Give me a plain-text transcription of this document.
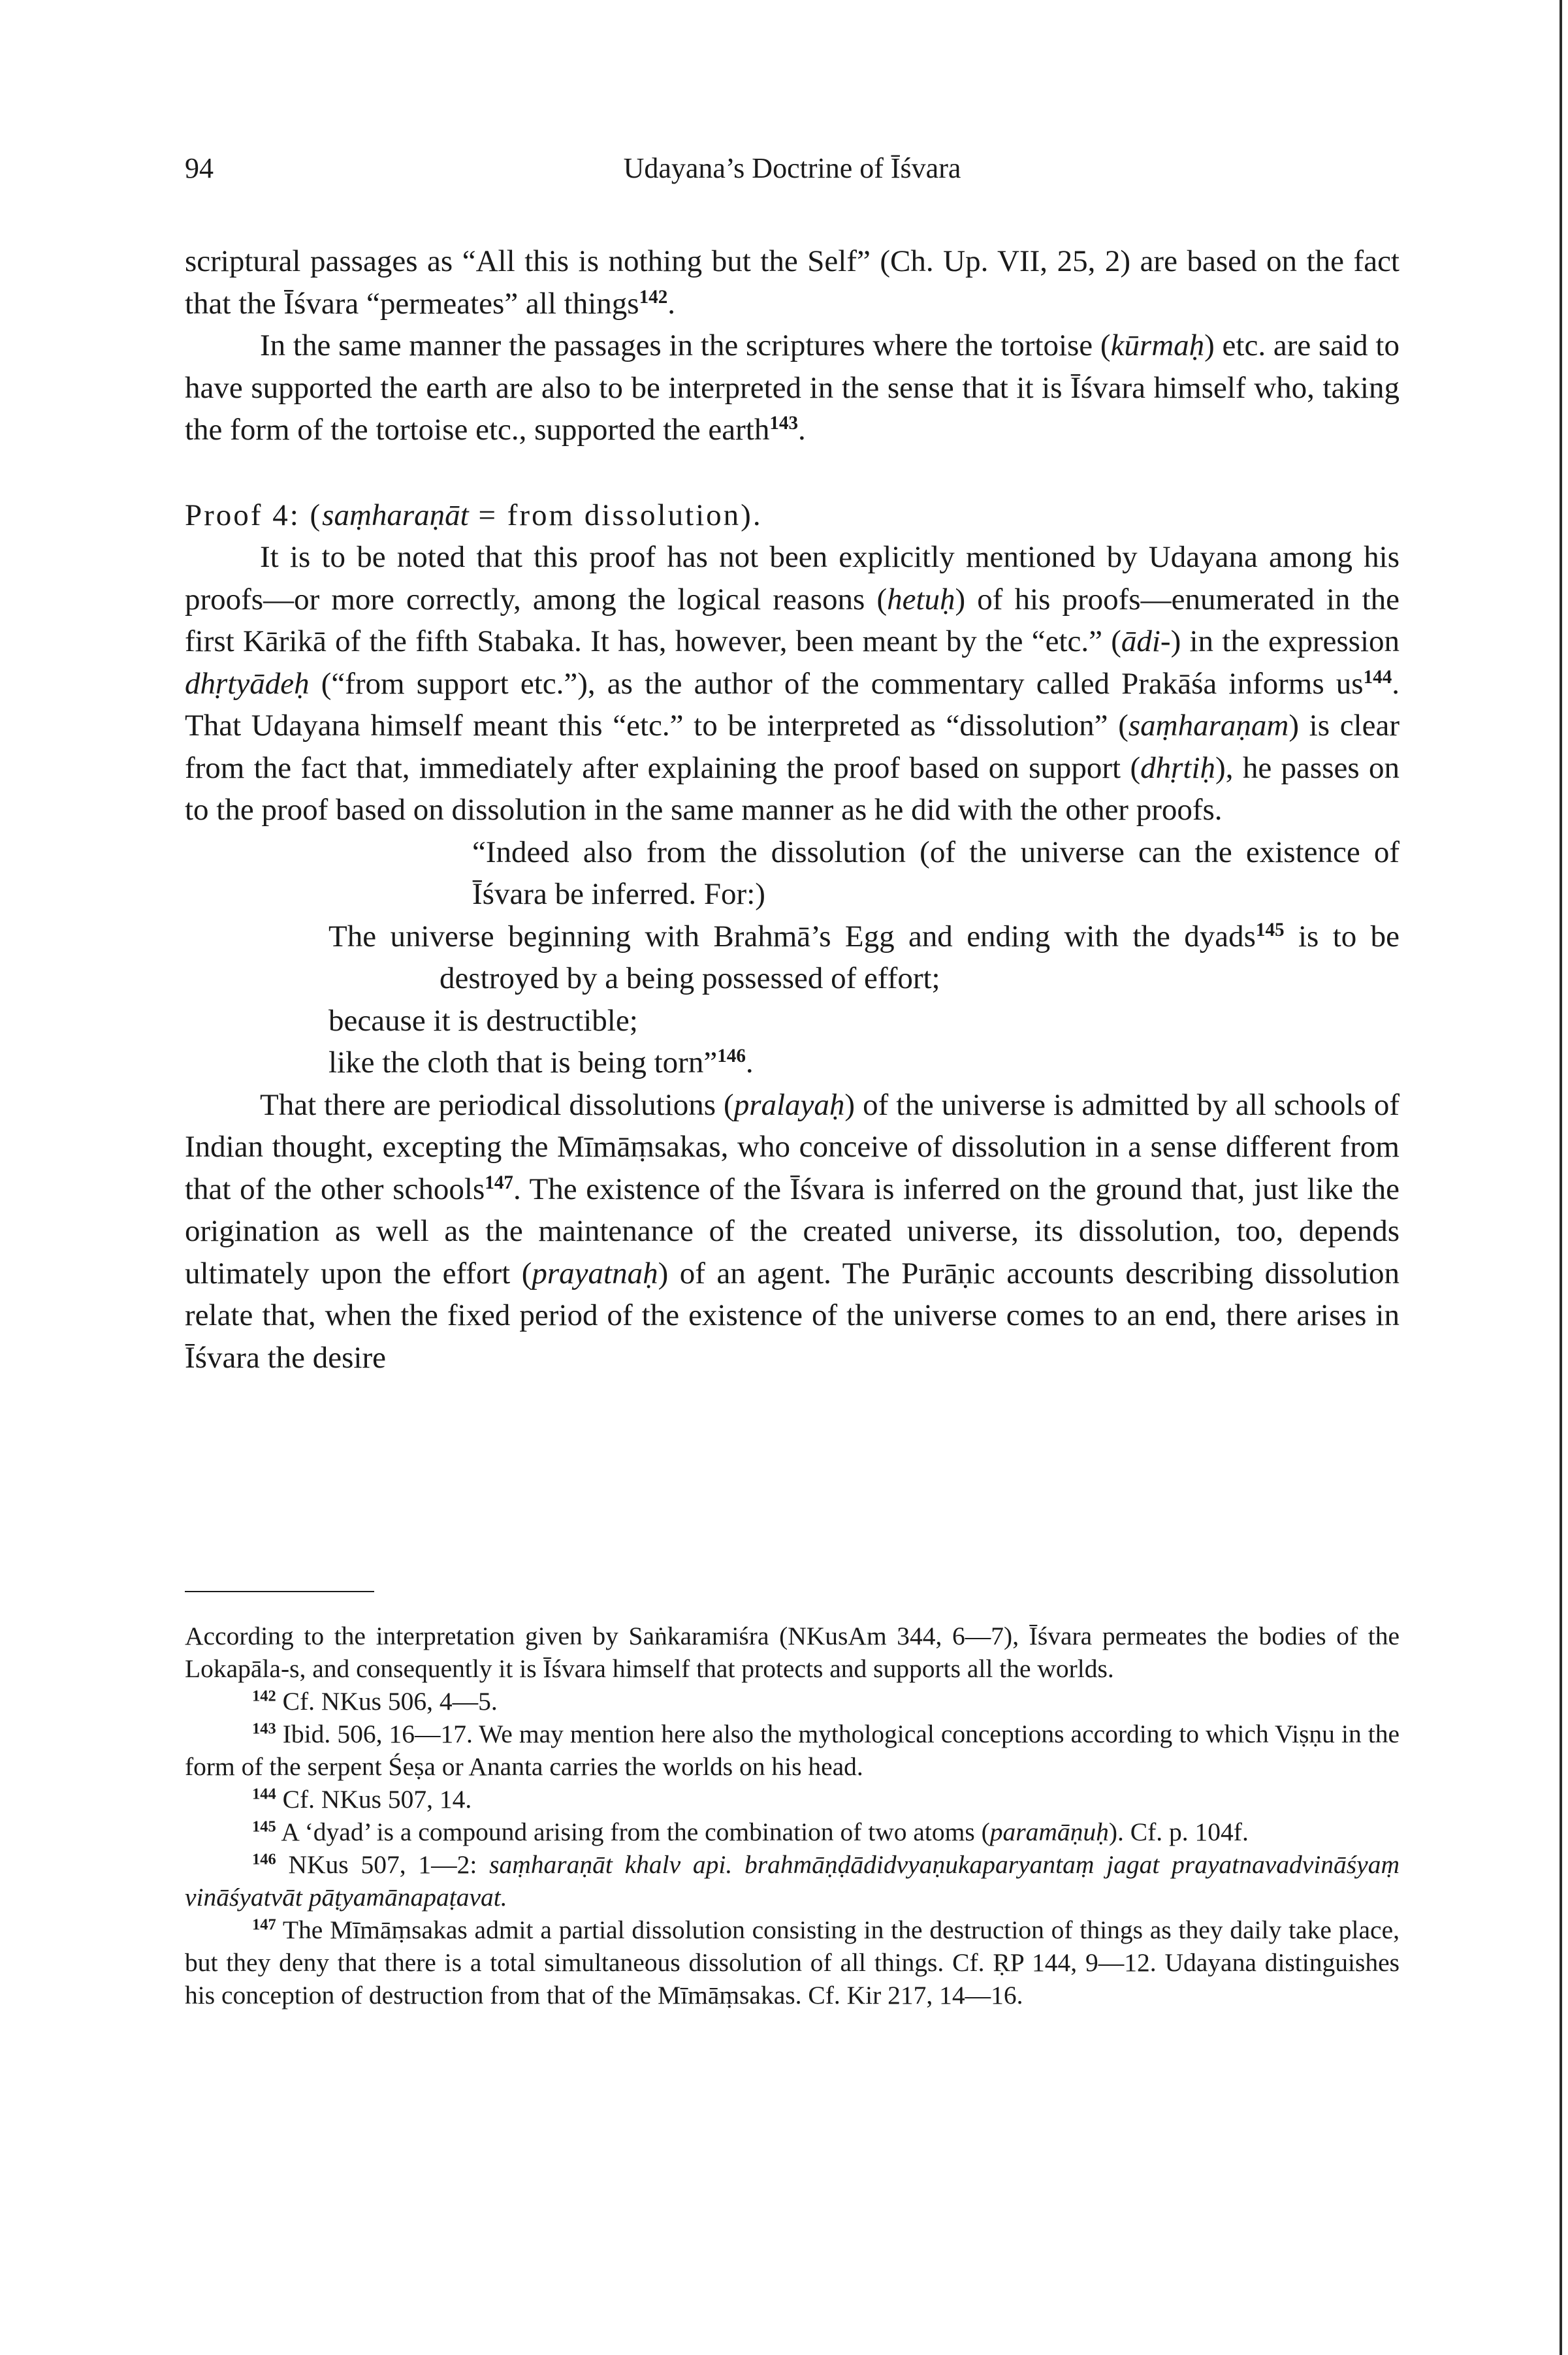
94	Udayana’s Doctrine of Īśvara

scriptural passages as “All this is nothing but the Self” (Ch. Up. VII, 25, 2) are based on the fact that the Īśvara “permeates” all things$^{142}$.

In the same manner the passages in the scriptures where the tortoise (kūrmaḥ) etc. are said to have supported the earth are also to be interpreted in the sense that it is Īśvara himself who, taking the form of the tortoise etc., supported the earth$^{143}$.

Proof 4: (saṃharaṇāt = from dissolution).

It is to be noted that this proof has not been explicitly mentioned by Udayana among his proofs—or more correctly, among the logical reasons (hetuḥ) of his proofs—enumerated in the first Kārikā of the fifth Stabaka. It has, however, been meant by the “etc.” (ādi-) in the expression dhṛtyādeḥ (“from support etc.”), as the author of the commentary called Prakāśa informs $us^{144}$. That Udayana himself meant this “etc.” to be interpreted as “dissolution” (saṃharaṇam) is clear from the fact that, immediately after explaining the proof based on support (dhṛtiḥ), he passes on to the proof based on dissolution in the same manner as he did with the other proofs.

“Indeed also from the dissolution (of the universe can the existence of Īśvara be inferred. For:)

The universe beginning with Brahmā’s Egg and ending with the dyads$^{145}$ is to be destroyed by a being possessed of effort;

because it is destructible;

like the cloth that is being torn”$^{146}$.

That there are periodical dissolutions (pralayaḥ) of the universe is admitted by all schools of Indian thought, excepting the Mīmāṃsakas, who conceive of dissolution in a sense different from that of the other schools$^{147}$. The existence of the Īśvara is inferred on the ground that, just like the origination as well as the maintenance of the created universe, its dissolution, too, depends ultimately upon the effort (prayatnaḥ) of an agent. The Purāṇic accounts describing dissolution relate that, when the fixed period of the existence of the universe comes to an end, there arises in Īśvara the desire

According to the interpretation given by Saṅkaramiśra (NKusAm 344, 6—7), Īśvara permeates the bodies of the Lokapāla-s, and consequently it is Īśvara himself that protects and supports all the worlds.

$^{142}$ Cf. NKus 506, 4—5.

$^{143}$ Ibid. 506, 16—17. We may mention here also the mythological conceptions according to which Viṣṇu in the form of the serpent Śeṣa or Ananta carries the worlds on his head.

$^{144}$ Cf. NKus 507, 14.

$^{145}$ A ‘dyad’ is a compound arising from the combination of two atoms (paramāṇuḥ). Cf. p. 104f.

$^{146}$ NKus 507, 1—2: saṃharaṇāt khalv api. brahmāṇḍādidvyaṇukaparyantaṃ jagat prayatnavadvināśyaṃ vināśyatvāt pāṭyamānapaṭavat.

$^{147}$ The Mīmāṃsakas admit a partial dissolution consisting in the destruction of things as they daily take place, but they deny that there is a total simultaneous dissolution of all things. Cf. ṚP 144, 9—12. Udayana distinguishes his conception of destruction from that of the Mīmāṃsakas. Cf. Kir 217, 14—16.
